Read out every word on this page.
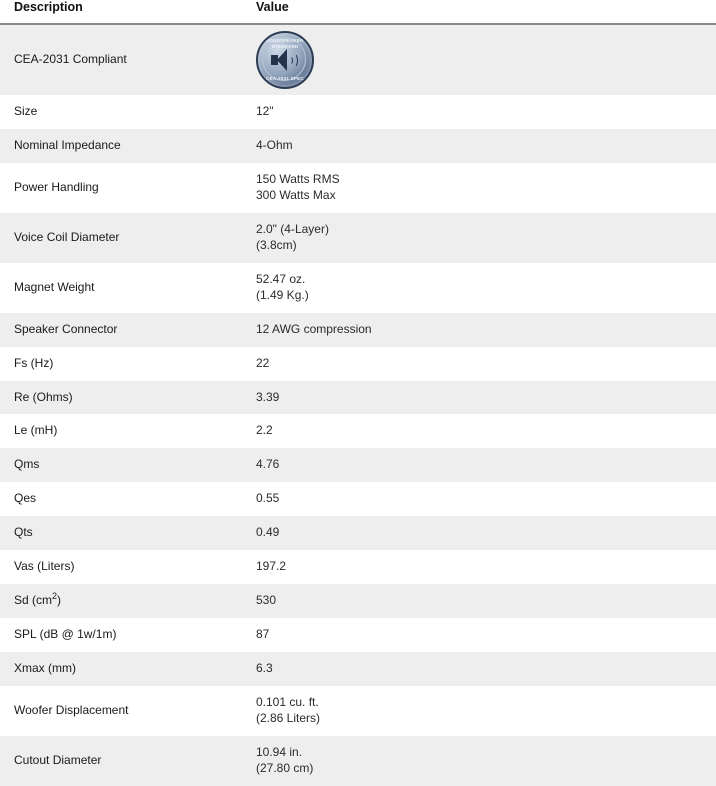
Description	Value
CEA-2031 Compliant	LOUDSPEAKER STANDARD
CEA-2031 SPEC

Size	12"

Nominal Impedance	4-Ohm

Power Handling	150 Watts RMS
300 Watts Max

Voice Coil Diameter	2.0" (4-Layer)
(3.8cm)

Magnet Weight	52.47 oz.
(1.49 Kg.)

Speaker Connector	12 AWG compression

Fs (Hz)	22

Re (Ohms)	3.39

Le (mH)	2.2

Qms	4.76

Qes	0.55

Qts	0.49

Vas (Liters)	197.2

Sd $(cm^2)$	530

SPL (dB @ 1w/1m)	87

Xmax (mm)	6.3

Woofer Displacement	0.101 cu. ft.
(2.86 Liters)

Cutout Diameter	10.94 in.
(27.80 cm)
